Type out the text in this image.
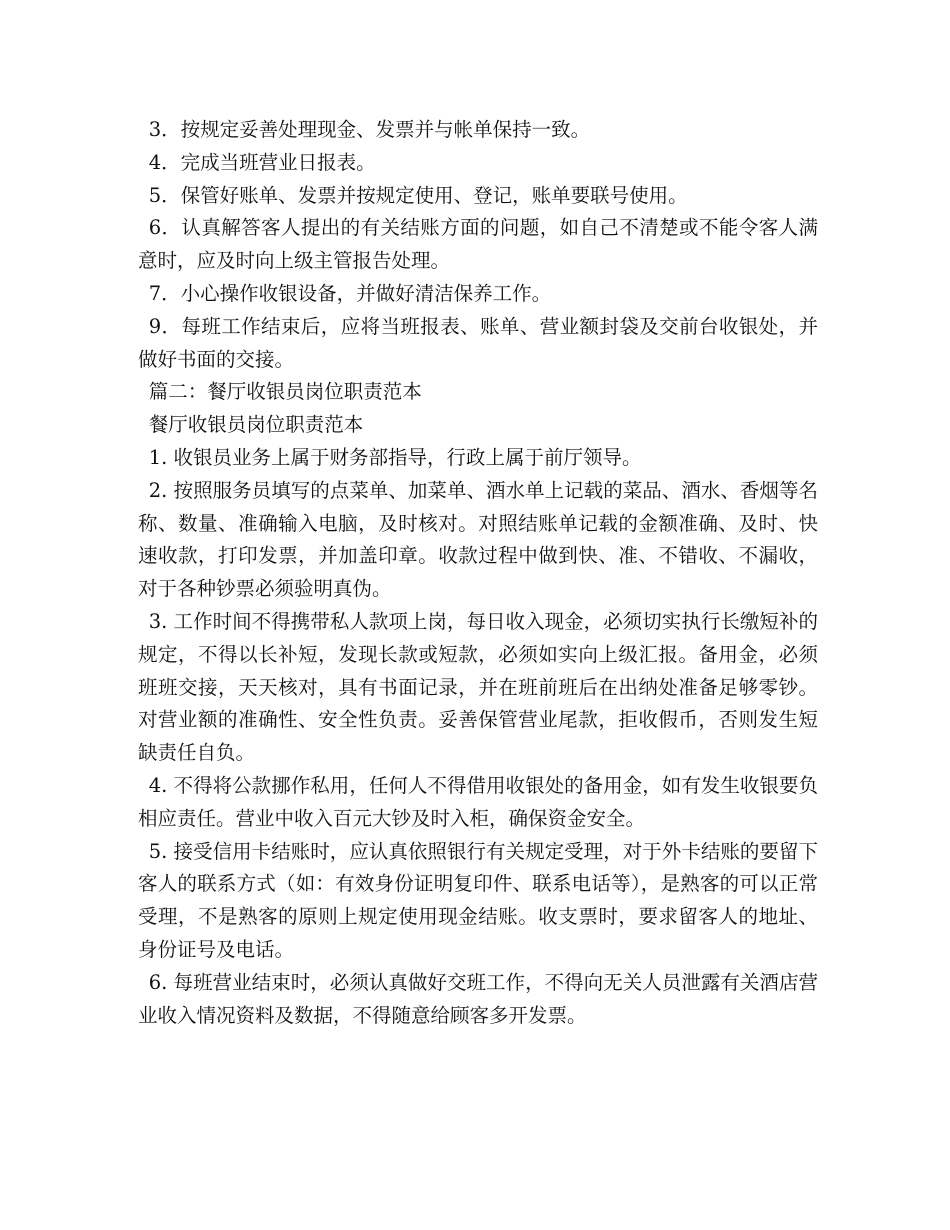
3．按规定妥善处理现金、发票并与帐单保持一致。

4．完成当班营业日报表。

5．保管好账单、发票并按规定使用、登记，账单要联号使用。

6．认真解答客人提出的有关结账方面的问题，如自己不清楚或不能令客人满意时，应及时向上级主管报告处理。

7．小心操作收银设备，并做好清洁保养工作。

9．每班工作结束后，应将当班报表、账单、营业额封袋及交前台收银处，并做好书面的交接。

篇二：餐厅收银员岗位职责范本

餐厅收银员岗位职责范本

1. 收银员业务上属于财务部指导，行政上属于前厅领导。

2. 按照服务员填写的点菜单、加菜单、酒水单上记载的菜品、酒水、香烟等名称、数量、准确输入电脑，及时核对。对照结账单记载的金额准确、及时、快速收款，打印发票，并加盖印章。收款过程中做到快、准、不错收、不漏收，对于各种钞票必须验明真伪。

3. 工作时间不得携带私人款项上岗，每日收入现金，必须切实执行长缴短补的规定，不得以长补短，发现长款或短款，必须如实向上级汇报。备用金，必须班班交接，天天核对，具有书面记录，并在班前班后在出纳处准备足够零钞。对营业额的准确性、安全性负责。妥善保管营业尾款，拒收假币，否则发生短缺责任自负。

4. 不得将公款挪作私用，任何人不得借用收银处的备用金，如有发生收银要负相应责任。营业中收入百元大钞及时入柜，确保资金安全。

5. 接受信用卡结账时，应认真依照银行有关规定受理，对于外卡结账的要留下客人的联系方式（如：有效身份证明复印件、联系电话等），是熟客的可以正常受理，不是熟客的原则上规定使用现金结账。收支票时，要求留客人的地址、身份证号及电话。

6. 每班营业结束时，必须认真做好交班工作，不得向无关人员泄露有关酒店营业收入情况资料及数据，不得随意给顾客多开发票。
